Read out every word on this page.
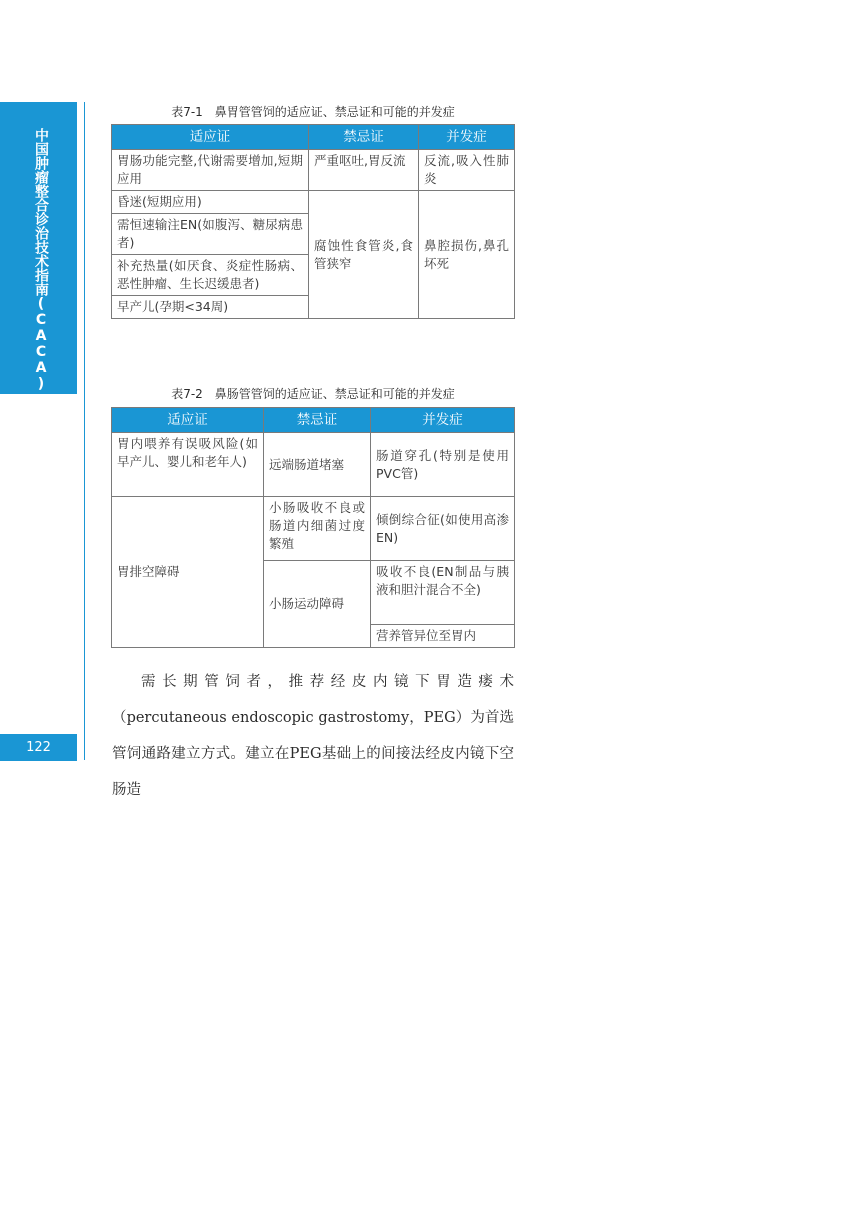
中国肿瘤整合诊治技术指南(CACA)
122
表7-1　鼻胃管管饲的适应证、禁忌证和可能的并发症
适应证	禁忌证	并发症
胃肠功能完整,代谢需要增加,短期应用	严重呕吐,胃反流	反流,吸入性肺炎
昏迷(短期应用)	腐蚀性食管炎,食管狭窄	鼻腔损伤,鼻孔坏死
需恒速输注EN(如腹泻、糖尿病患者)		
补充热量(如厌食、炎症性肠病、恶性肿瘤、生长迟缓患者)		
早产儿(孕期<34周)		
表7-2　鼻肠管管饲的适应证、禁忌证和可能的并发症
适应证	禁忌证	并发症
胃内喂养有误吸风险(如早产儿、婴儿和老年人)	远端肠道堵塞	肠道穿孔(特别是使用PVC管)
胃排空障碍	小肠吸收不良或肠道内细菌过度繁殖	倾倒综合征(如使用高渗EN)
	小肠运动障碍	吸收不良(EN制品与胰液和胆汁混合不全)
		营养管异位至胃内
需长期管饲者，推荐经皮内镜下胃造瘘术（percutaneous endoscopic gastrostomy，PEG）为首选管饲通路建立方式。建立在PEG基础上的间接法经皮内镜下空肠造
